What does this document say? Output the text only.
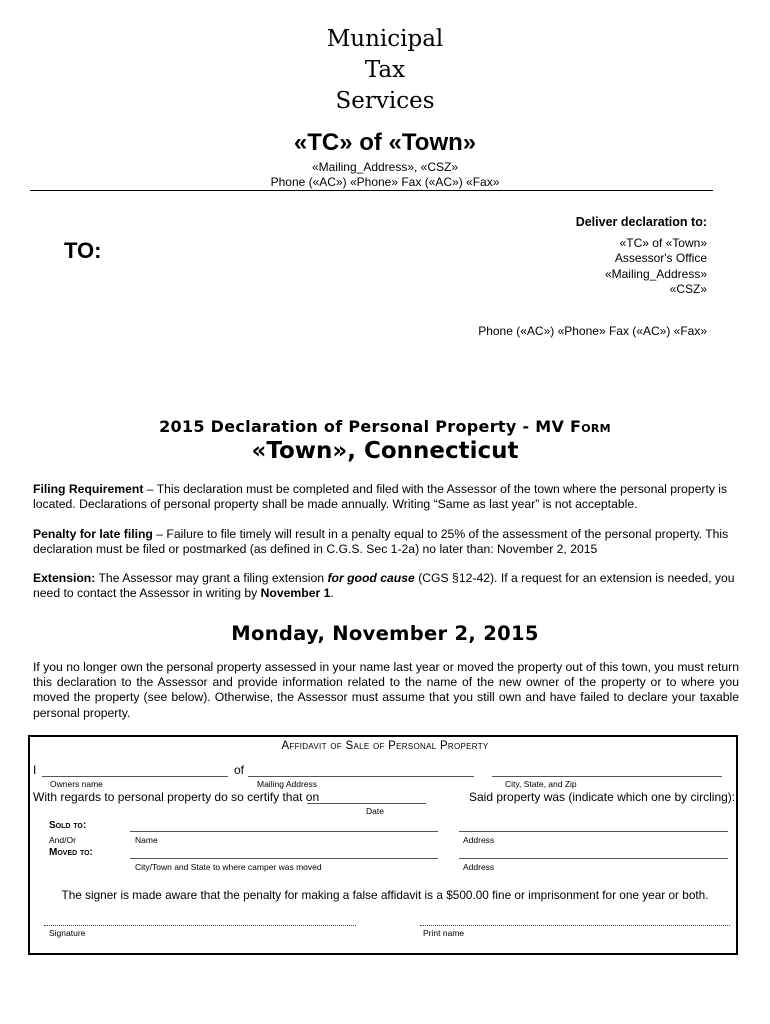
Municipal
Tax
Services
«TC» of «Town»
«Mailing_Address», «CSZ»
Phone («AC») «Phone» Fax («AC») «Fax»
TO:
Deliver declaration to:
«TC» of «Town»
Assessor's Office
«Mailing_Address»
«CSZ»
Phone («AC») «Phone» Fax («AC») «Fax»
2015 Declaration of Personal Property - MV Form
«Town», Connecticut
Filing Requirement – This declaration must be completed and filed with the Assessor of the town where the personal property is located. Declarations of personal property shall be made annually. Writing “Same as last year” is not acceptable.
Penalty for late filing – Failure to file timely will result in a penalty equal to 25% of the assessment of the personal property. This declaration must be filed or postmarked (as defined in C.G.S. Sec 1-2a) no later than: November 2, 2015
Extension: The Assessor may grant a filing extension for good cause (CGS §12-42). If a request for an extension is needed, you need to contact the Assessor in writing by November 1.
Monday, November 2, 2015
If you no longer own the personal property assessed in your name last year or moved the property out of this town, you must return this declaration to the Assessor and provide information related to the name of the new owner of the property or to where you moved the property (see below). Otherwise, the Assessor must assume that you still own and have failed to declare your taxable personal property.
Affidavit of Sale of Personal Property
I	of
Owners name	Mailing Address	City, State, and Zip
With regards to personal property do so certify that on	Said property was (indicate which one by circling):
Date
Sold to:
And/Or	Name	Address
Moved to:
City/Town and State to where camper was moved	Address
The signer is made aware that the penalty for making a false affidavit is a $500.00 fine or imprisonment for one year or both.
Signature	Print name
